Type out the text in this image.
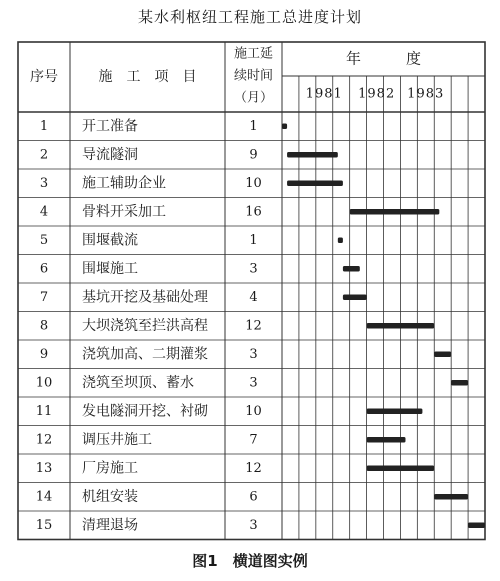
某水利枢纽工程施工总进度计划
序号	施　工　项　目
施工延
续时间
（月）
年　　　度
1981 1982 1983
1 开工准备	1
2 导流隧洞	9
3 施工辅助企业	10
4 骨料开采加工	16
5 围堰截流	1
6 围堰施工	3
7 基坑开挖及基础处理	4
8 大坝浇筑至拦洪高程	12
9 浇筑加高、二期灌浆	3
10 浇筑至坝顶、蓄水	3
11 发电隧洞开挖、衬砌	10
12 调压井施工	7
13 厂房施工	12
14 机组安装	6
15 清理退场	3
图1　横道图实例
